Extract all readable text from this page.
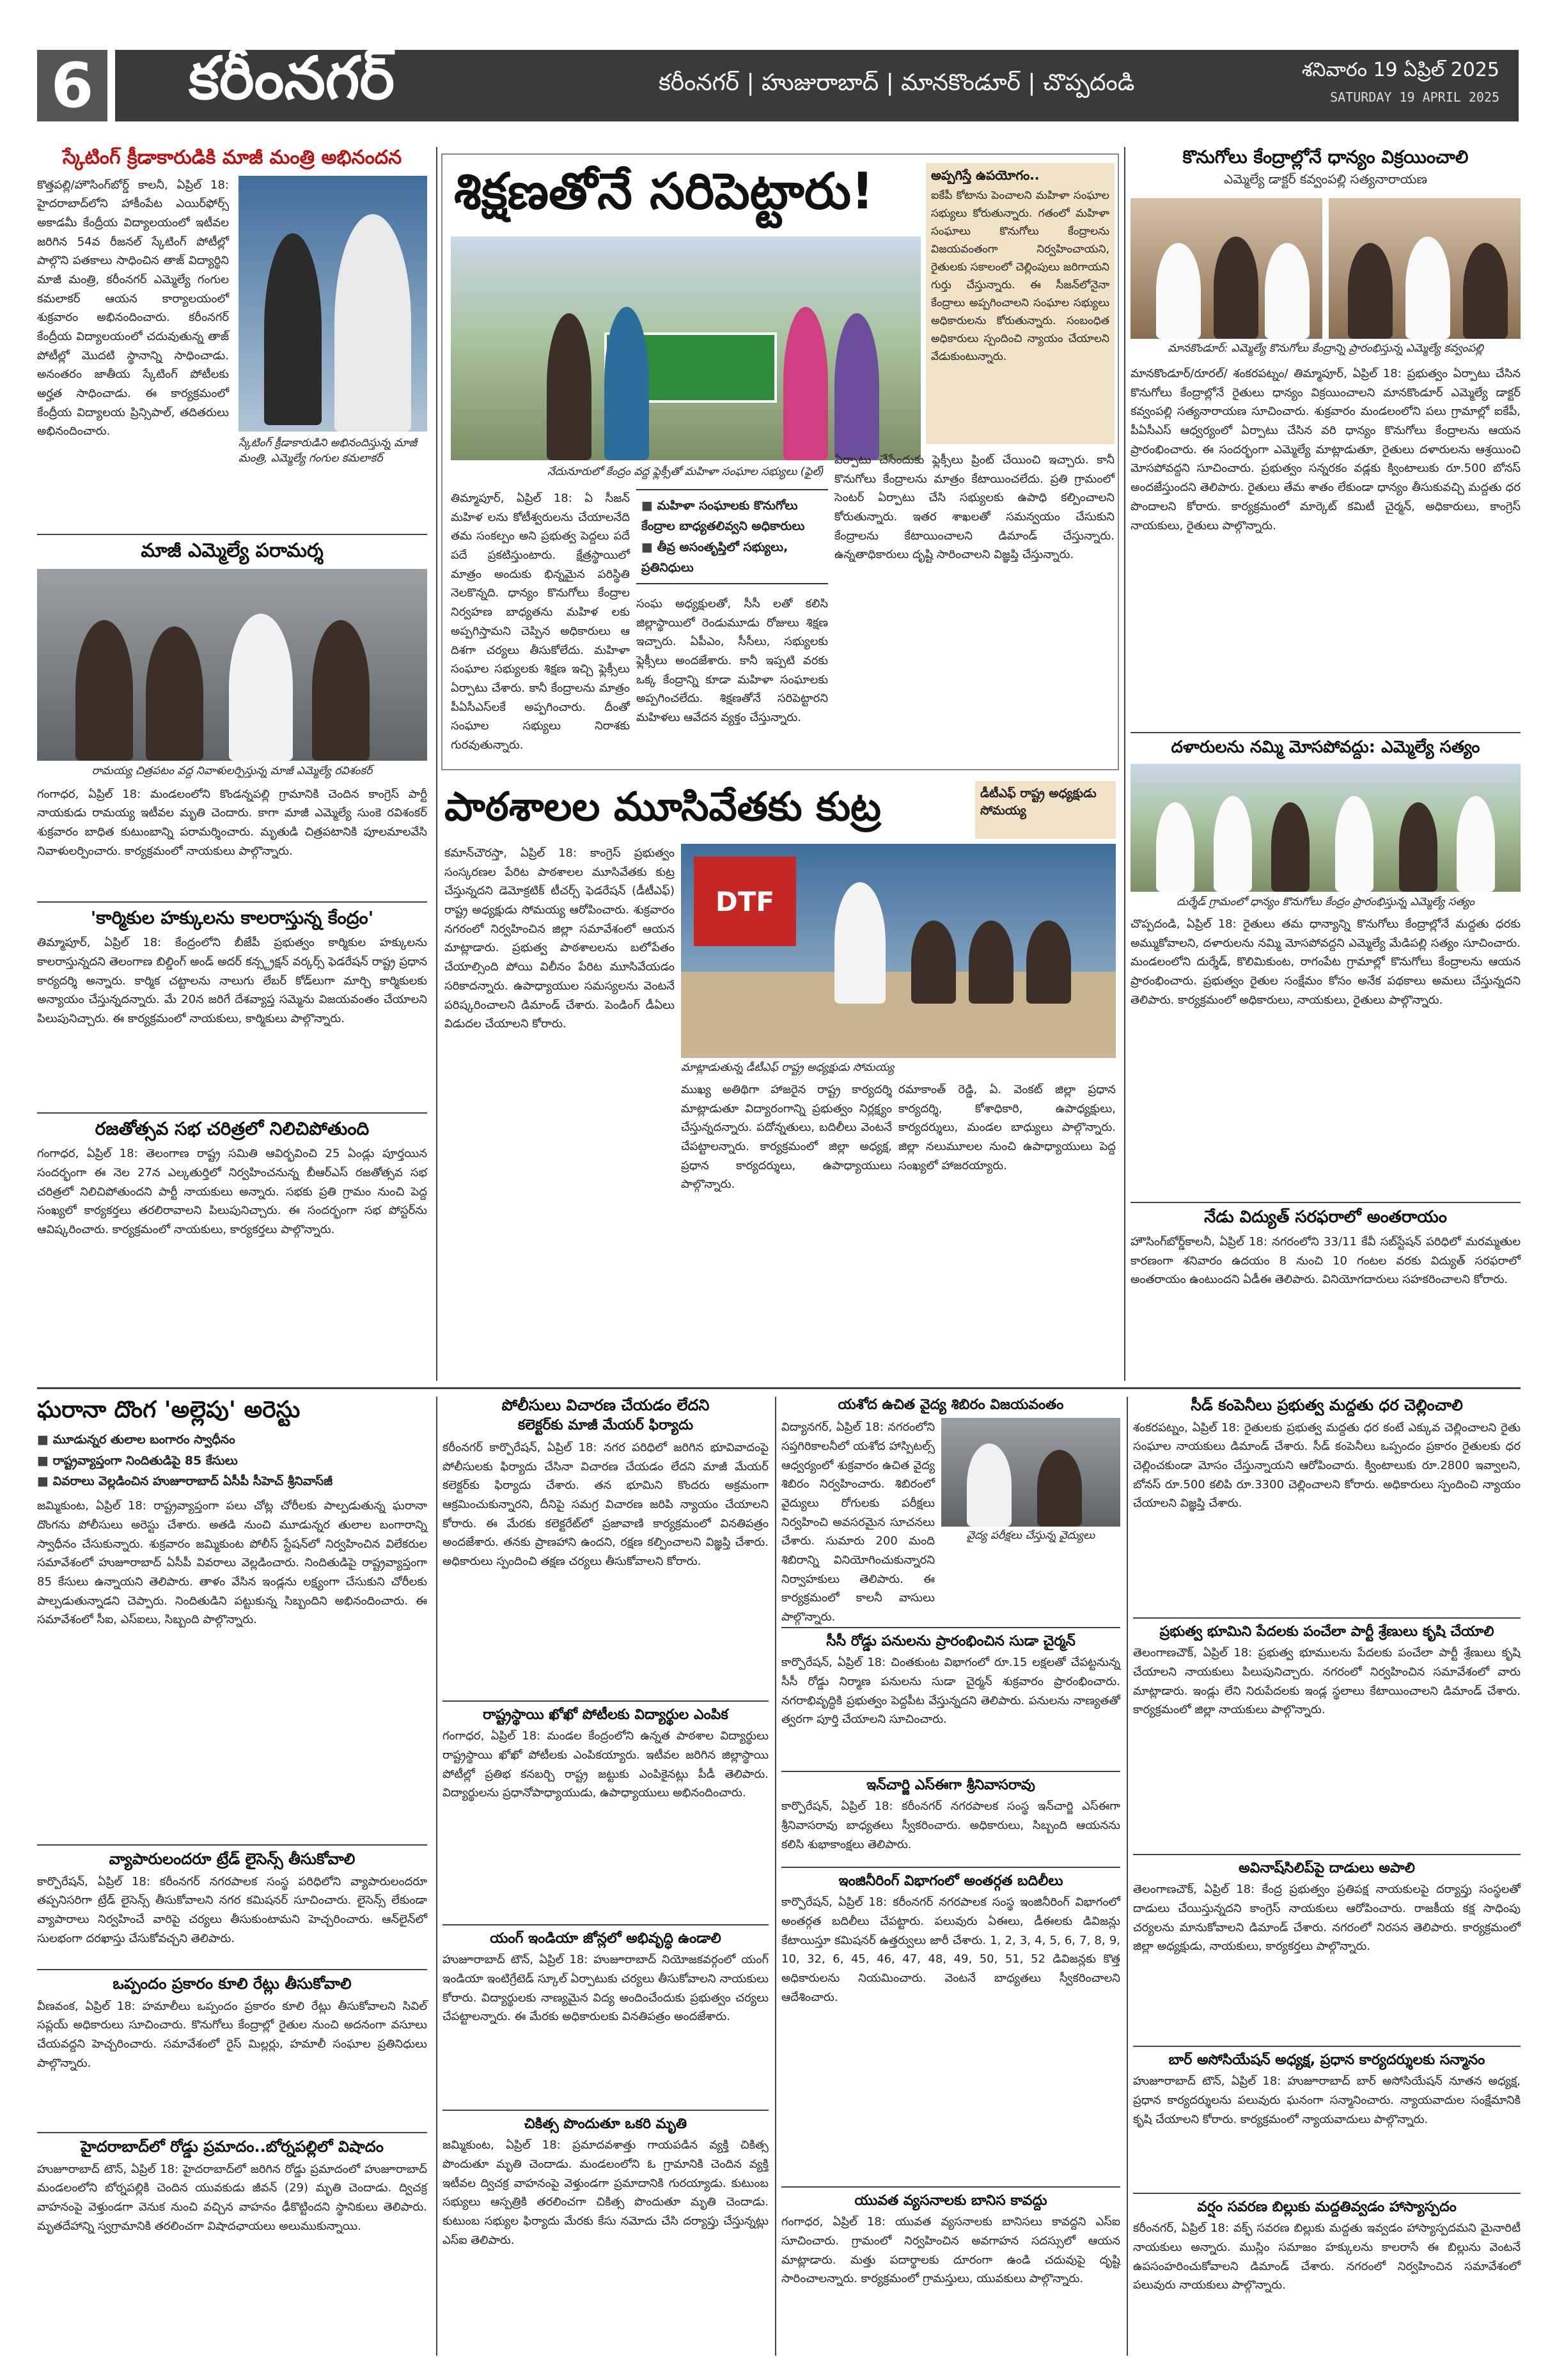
6 కరీంనగర్	కరీంనగర్ | హుజురాబాద్ | మానకొండూర్ | చొప్పదండి	శనివారం 19 ఏప్రిల్ 2025
SATURDAY 19 APRIL 2025
స్కేటింగ్ క్రీడాకారుడికి మాజీ మంత్రి అభినందన
కొత్తపల్లి/హౌసింగ్‌బోర్డ్ కాలనీ, ఏప్రిల్ 18: హైదరాబాద్‌లోని హాకీంపేట ఎయిర్‌ఫోర్స్ అకాడమీ కేంద్రీయ విద్యాలయంలో ఇటీవల జరిగిన 54వ రీజనల్ స్కేటింగ్ పోటీల్లో పాల్గొని పతకాలు సాధించిన తాజ్ విద్యార్థిని మాజీ మంత్రి, కరీంనగర్ ఎమ్మెల్యే గంగుల కమలాకర్ ఆయన కార్యాలయంలో శుక్రవారం అభినందించారు. కరీంనగర్ కేంద్రీయ విద్యాలయంలో చదువుతున్న తాజ్ పోటీల్లో మొదటి స్థానాన్ని సాధించాడు. అనంతరం జాతీయ స్కేటింగ్ పోటీలకు అర్హత సాధించాడు. ఈ కార్యక్రమంలో కేంద్రీయ విద్యాలయ ప్రిన్సిపాల్, తదితరులు అభినందించారు.
స్కేటింగ్ క్రీడాకారుడిని అభినందిస్తున్న మాజీ మంత్రి, ఎమ్మెల్యే గంగుల కమలాకర్
మాజీ ఎమ్మెల్యే పరామర్శ
రామయ్య చిత్రపటం వద్ద నివాళులర్పిస్తున్న మాజీ ఎమ్మెల్యే రవిశంకర్
గంగాధర, ఏప్రిల్ 18: మండలంలోని కొండన్నపల్లి గ్రామానికి చెందిన కాంగ్రెస్ పార్టీ నాయకుడు రామయ్య ఇటీవల మృతి చెందారు. కాగా మాజీ ఎమ్మెల్యే సుంకె రవిశంకర్ శుక్రవారం బాధిత కుటుంబాన్ని పరామర్శించారు. మృతుడి చిత్రపటానికి పూలమాలవేసి నివాళులర్పించారు. కార్యక్రమంలో నాయకులు పాల్గొన్నారు.
'కార్మికుల హక్కులను కాలరాస్తున్న కేంద్రం'
తిమ్మాపూర్, ఏప్రిల్ 18: కేంద్రంలోని బీజేపీ ప్రభుత్వం కార్మికుల హక్కులను కాలరాస్తున్నదని తెలంగాణ బిల్డింగ్ అండ్ అదర్ కన్స్ట్రక్షన్ వర్కర్స్ ఫెడరేషన్ రాష్ట్ర ప్రధాన కార్యదర్శి అన్నారు. కార్మిక చట్టాలను నాలుగు లేబర్ కోడ్‌లుగా మార్చి కార్మికులకు అన్యాయం చేస్తున్నదన్నారు. మే 20న జరిగే దేశవ్యాప్త సమ్మెను విజయవంతం చేయాలని పిలుపునిచ్చారు. ఈ కార్యక్రమంలో నాయకులు, కార్మికులు పాల్గొన్నారు.
రజతోత్సవ సభ చరిత్రలో నిలిచిపోతుంది
గంగాధర, ఏప్రిల్ 18: తెలంగాణ రాష్ట్ర సమితి ఆవిర్భవించి 25 ఏండ్లు పూర్తయిన సందర్భంగా ఈ నెల 27న ఎల్కతుర్తిలో నిర్వహించనున్న బీఆర్‌ఎస్ రజతోత్సవ సభ చరిత్రలో నిలిచిపోతుందని పార్టీ నాయకులు అన్నారు. సభకు ప్రతి గ్రామం నుంచి పెద్ద సంఖ్యలో కార్యకర్తలు తరలిరావాలని పిలుపునిచ్చారు. ఈ సందర్భంగా సభ పోస్టర్‌ను ఆవిష్కరించారు. కార్యక్రమంలో నాయకులు, కార్యకర్తలు పాల్గొన్నారు.
శిక్షణతోనే సరిపెట్టారు!
నేదునూరులో కేంద్రం వద్ద ఫ్లెక్సీతో మహిళా సంఘాల సభ్యులు (ఫైల్)
అప్పగిస్తే ఉపయోగం..
ఐకేపీ కోటాను పెంచాలని మహిళా సంఘాల సభ్యులు కోరుతున్నారు. గతంలో మహిళా సంఘాలు కొనుగోలు కేంద్రాలను విజయవంతంగా నిర్వహించాయని, రైతులకు సకాలంలో చెల్లింపులు జరిగాయని గుర్తు చేస్తున్నారు. ఈ సీజన్‌లోనైనా కేంద్రాలు అప్పగించాలని సంఘాల సభ్యులు అధికారులను కోరుతున్నారు. సంబంధిత అధికారులు స్పందించి న్యాయం చేయాలని వేడుకుంటున్నారు.
తిమ్మాపూర్, ఏప్రిల్ 18: ఏ సీజన్ మహిళ లను కోటీశ్వరులను చేయాలనేది తమ సంకల్పం అని ప్రభుత్వ పెద్దలు పదే పదే ప్రకటిస్తుంటారు. క్షేత్రస్థాయిలో మాత్రం అందుకు భిన్నమైన పరిస్థితి నెలకొన్నది. ధాన్యం కొనుగోలు కేంద్రాల నిర్వహణ బాధ్యతను మహిళ లకు అప్పగిస్తామని చెప్పిన అధికారులు ఆ దిశగా చర్యలు తీసుకోలేదు. మహిళా సంఘాల సభ్యులకు శిక్షణ ఇచ్చి ఫ్లెక్సీలు ఏర్పాటు చేశారు. కానీ కేంద్రాలను మాత్రం పీఏసీఎస్‌లకే అప్పగించారు. దీంతో సంఘాల సభ్యులు నిరాశకు గురవుతున్నారు.
■ మహిళా సంఘాలకు కొనుగోలు కేంద్రాల బాధ్యతలివ్వని అధికారులు
■ తీవ్ర అసంతృప్తిలో సభ్యులు, ప్రతినిధులు
సంఘ అధ్యక్షులతో, సీసీ లతో కలిసి జిల్లాస్థాయిలో రెండుమూడు రోజులు శిక్షణ ఇచ్చారు. ఏపీఎం, సీసీలు, సభ్యులకు ఫ్లెక్సీలు అందజేశారు. కానీ ఇప్పటి వరకు ఒక్క కేంద్రాన్ని కూడా మహిళా సంఘాలకు అప్పగించలేదు. శిక్షణతోనే సరిపెట్టారని మహిళలు ఆవేదన వ్యక్తం చేస్తున్నారు.
ఏర్పాటు చేసేందుకు ఫ్లెక్సీలు ప్రింట్ చేయించి ఇచ్చారు. కానీ కొనుగోలు కేంద్రాలను మాత్రం కేటాయించలేదు. ప్రతి గ్రామంలో సెంటర్ ఏర్పాటు చేసి సభ్యులకు ఉపాధి కల్పించాలని కోరుతున్నారు. ఇతర శాఖలతో సమన్వయం చేసుకుని కేంద్రాలను కేటాయించాలని డిమాండ్ చేస్తున్నారు. ఉన్నతాధికారులు దృష్టి సారించాలని విజ్ఞప్తి చేస్తున్నారు.
పాఠశాలల మూసివేతకు కుట్ర	డీటీఎఫ్ రాష్ట్ర అధ్యక్షుడు సోమయ్య
కమాన్‌చౌరస్తా, ఏప్రిల్ 18: కాంగ్రెస్ ప్రభుత్వం సంస్కరణల పేరిట పాఠశాలల మూసివేతకు కుట్ర చేస్తున్నదని డెమోక్రటిక్ టీచర్స్ ఫెడరేషన్ (డీటీఎఫ్) రాష్ట్ర అధ్యక్షుడు సోమయ్య ఆరోపించారు. శుక్రవారం నగరంలో నిర్వహించిన జిల్లా సమావేశంలో ఆయన మాట్లాడారు. ప్రభుత్వ పాఠశాలలను బలోపేతం చేయాల్సింది పోయి విలీనం పేరిట మూసివేయడం సరికాదన్నారు. ఉపాధ్యాయుల సమస్యలను వెంటనే పరిష్కరించాలని డిమాండ్ చేశారు. పెండింగ్ డీఏలు విడుదల చేయాలని కోరారు.
DTF
మాట్లాడుతున్న డీటీఎఫ్ రాష్ట్ర అధ్యక్షుడు సోమయ్య
ముఖ్య అతిథిగా హాజరైన రాష్ట్ర కార్యదర్శి మాట్లాడుతూ విద్యారంగాన్ని ప్రభుత్వం నిర్లక్ష్యం చేస్తున్నదన్నారు. పదోన్నతులు, బదిలీలు వెంటనే చేపట్టాలన్నారు. కార్యక్రమంలో జిల్లా అధ్యక్ష, ప్రధాన కార్యదర్శులు, ఉపాధ్యాయులు పాల్గొన్నారు.
రమాకాంత్ రెడ్డి, ఏ. వెంకట్ జిల్లా ప్రధాన కార్యదర్శి, కోశాధికారి, ఉపాధ్యక్షులు, కార్యదర్శులు, మండల బాధ్యులు పాల్గొన్నారు. జిల్లా నలుమూలల నుంచి ఉపాధ్యాయులు పెద్ద సంఖ్యలో హాజరయ్యారు.
కొనుగోలు కేంద్రాల్లోనే ధాన్యం విక్రయించాలి
ఎమ్మెల్యే డాక్టర్ కవ్వంపల్లి సత్యనారాయణ
మానకొండూర్: ఎమ్మెల్యే కొనుగోలు కేంద్రాన్ని ప్రారంభిస్తున్న ఎమ్మెల్యే కవ్వంపల్లి
మానకొండూర్/రూరల్/ శంకరపట్నం/ తిమ్మాపూర్, ఏప్రిల్ 18: ప్రభుత్వం ఏర్పాటు చేసిన కొనుగోలు కేంద్రాల్లోనే రైతులు ధాన్యం విక్రయించాలని మానకొండూర్ ఎమ్మెల్యే డాక్టర్ కవ్వంపల్లి సత్యనారాయణ సూచించారు. శుక్రవారం మండలంలోని పలు గ్రామాల్లో ఐకేపీ, పీఏసీఎస్ ఆధ్వర్యంలో ఏర్పాటు చేసిన వరి ధాన్యం కొనుగోలు కేంద్రాలను ఆయన ప్రారంభించారు. ఈ సందర్భంగా ఎమ్మెల్యే మాట్లాడుతూ, రైతులు దళారులను ఆశ్రయించి మోసపోవద్దని సూచించారు. ప్రభుత్వం సన్నరకం వడ్లకు క్వింటాలుకు రూ.500 బోనస్ అందజేస్తుందని తెలిపారు. రైతులు తేమ శాతం లేకుండా ధాన్యం తీసుకువచ్చి మద్దతు ధర పొందాలని కోరారు. కార్యక్రమంలో మార్కెట్ కమిటీ చైర్మన్, అధికారులు, కాంగ్రెస్ నాయకులు, రైతులు పాల్గొన్నారు.
దళారులను నమ్మి మోసపోవద్దు: ఎమ్మెల్యే సత్యం
దుర్శేడ్ గ్రామంలో ధాన్యం కొనుగోలు కేంద్రం ప్రారంభిస్తున్న ఎమ్మెల్యే సత్యం
చొప్పదండి, ఏప్రిల్ 18: రైతులు తమ ధాన్యాన్ని కొనుగోలు కేంద్రాల్లోనే మద్దతు ధరకు అమ్ముకోవాలని, దళారులను నమ్మి మోసపోవద్దని ఎమ్మెల్యే మేడిపల్లి సత్యం సూచించారు. మండలంలోని దుర్శేడ్, కొలిమికుంట, రాగంపేట గ్రామాల్లో కొనుగోలు కేంద్రాలను ఆయన ప్రారంభించారు. ప్రభుత్వం రైతుల సంక్షేమం కోసం అనేక పథకాలు అమలు చేస్తున్నదని తెలిపారు. కార్యక్రమంలో అధికారులు, నాయకులు, రైతులు పాల్గొన్నారు.
నేడు విద్యుత్ సరఫరాలో అంతరాయం
హౌసింగ్‌బోర్డ్‌కాలనీ, ఏప్రిల్ 18: నగరంలోని 33/11 కేవీ సబ్‌స్టేషన్ పరిధిలో మరమ్మతుల కారణంగా శనివారం ఉదయం 8 నుంచి 10 గంటల వరకు విద్యుత్ సరఫరాలో అంతరాయం ఉంటుందని ఏడీఈ తెలిపారు. వినియోగదారులు సహకరించాలని కోరారు.
ఘరానా దొంగ 'అల్లెపు' అరెస్టు
■ మూడున్నర తులాల బంగారం స్వాధీనం
■ రాష్ట్రవ్యాప్తంగా నిందితుడిపై 85 కేసులు
■ వివరాలు వెల్లడించిన హుజూరాబాద్ ఏసీపీ సీహెచ్ శ్రీనివాస్‌జీ
జమ్మికుంట, ఏప్రిల్ 18: రాష్ట్రవ్యాప్తంగా పలు చోట్ల చోరీలకు పాల్పడుతున్న ఘరానా దొంగను పోలీసులు అరెస్టు చేశారు. అతడి నుంచి మూడున్నర తులాల బంగారాన్ని స్వాధీనం చేసుకున్నారు. శుక్రవారం జమ్మికుంట పోలీస్ స్టేషన్‌లో నిర్వహించిన విలేకరుల సమావేశంలో హుజూరాబాద్ ఏసీపీ వివరాలు వెల్లడించారు. నిందితుడిపై రాష్ట్రవ్యాప్తంగా 85 కేసులు ఉన్నాయని తెలిపారు. తాళం వేసిన ఇండ్లను లక్ష్యంగా చేసుకుని చోరీలకు పాల్పడుతున్నాడని చెప్పారు. నిందితుడిని పట్టుకున్న సిబ్బందిని అభినందించారు. ఈ సమావేశంలో సీఐ, ఎస్‌ఐలు, సిబ్బంది పాల్గొన్నారు.
వ్యాపారులందరూ ట్రేడ్ లైసెన్స్ తీసుకోవాలి
కార్పొరేషన్, ఏప్రిల్ 18: కరీంనగర్ నగరపాలక సంస్థ పరిధిలోని వ్యాపారులందరూ తప్పనిసరిగా ట్రేడ్ లైసెన్స్ తీసుకోవాలని నగర కమిషనర్ సూచించారు. లైసెన్స్ లేకుండా వ్యాపారాలు నిర్వహించే వారిపై చర్యలు తీసుకుంటామని హెచ్చరించారు. ఆన్‌లైన్‌లో సులభంగా దరఖాస్తు చేసుకోవచ్చని తెలిపారు.
ఒప్పందం ప్రకారం కూలి రేట్లు తీసుకోవాలి
వీణవంక, ఏప్రిల్ 18: హమాలీలు ఒప్పందం ప్రకారం కూలి రేట్లు తీసుకోవాలని సివిల్ సప్లయ్ అధికారులు సూచించారు. కొనుగోలు కేంద్రాల్లో రైతుల నుంచి అదనంగా వసూలు చేయవద్దని హెచ్చరించారు. సమావేశంలో రైస్ మిల్లర్లు, హమాలీ సంఘాల ప్రతినిధులు పాల్గొన్నారు.
హైదరాబాద్‌లో రోడ్డు ప్రమాదం..బోర్నపల్లిలో విషాదం
హుజూరాబాద్ టౌన్, ఏప్రిల్ 18: హైదరాబాద్‌లో జరిగిన రోడ్డు ప్రమాదంలో హుజూరాబాద్ మండలంలోని బోర్నపల్లికి చెందిన యువకుడు జీవన్ (29) మృతి చెందాడు. ద్విచక్ర వాహనంపై వెళ్తుండగా వెనుక నుంచి వచ్చిన వాహనం ఢీకొట్టిందని స్థానికులు తెలిపారు. మృతదేహాన్ని స్వగ్రామానికి తరలించగా విషాదఛాయలు అలుముకున్నాయి.
పోలీసులు విచారణ చేయడం లేదని
కలెక్టర్‌కు మాజీ మేయర్ ఫిర్యాదు
కరీంనగర్ కార్పొరేషన్, ఏప్రిల్ 18: నగర పరిధిలో జరిగిన భూవివాదంపై పోలీసులకు ఫిర్యాదు చేసినా విచారణ చేయడం లేదని మాజీ మేయర్ కలెక్టర్‌కు ఫిర్యాదు చేశారు. తన భూమిని కొందరు అక్రమంగా ఆక్రమించుకున్నారని, దీనిపై సమగ్ర విచారణ జరిపి న్యాయం చేయాలని కోరారు. ఈ మేరకు కలెక్టరేట్‌లో ప్రజావాణి కార్యక్రమంలో వినతిపత్రం అందజేశారు. తనకు ప్రాణహాని ఉందని, రక్షణ కల్పించాలని విజ్ఞప్తి చేశారు. అధికారులు స్పందించి తక్షణ చర్యలు తీసుకోవాలని కోరారు.
రాష్ట్రస్థాయి ఖోఖో పోటీలకు విద్యార్థుల ఎంపిక
గంగాధర, ఏప్రిల్ 18: మండల కేంద్రంలోని ఉన్నత పాఠశాల విద్యార్థులు రాష్ట్రస్థాయి ఖోఖో పోటీలకు ఎంపికయ్యారు. ఇటీవల జరిగిన జిల్లాస్థాయి పోటీల్లో ప్రతిభ కనబర్చి రాష్ట్ర జట్టుకు ఎంపికైనట్లు పీడీ తెలిపారు. విద్యార్థులను ప్రధానోపాధ్యాయుడు, ఉపాధ్యాయులు అభినందించారు.
యంగ్ ఇండియా జోన్లలో అభివృద్ధి ఉండాలి
హుజూరాబాద్ టౌన్, ఏప్రిల్ 18: హుజూరాబాద్ నియోజకవర్గంలో యంగ్ ఇండియా ఇంటిగ్రేటెడ్ స్కూల్ ఏర్పాటుకు చర్యలు తీసుకోవాలని నాయకులు కోరారు. విద్యార్థులకు నాణ్యమైన విద్య అందించేందుకు ప్రభుత్వం చర్యలు చేపట్టాలన్నారు. ఈ మేరకు అధికారులకు వినతిపత్రం అందజేశారు.
చికిత్స పొందుతూ ఒకరి మృతి
జమ్మికుంట, ఏప్రిల్ 18: ప్రమాదవశాత్తు గాయపడిన వ్యక్తి చికిత్స పొందుతూ మృతి చెందాడు. మండలంలోని ఓ గ్రామానికి చెందిన వ్యక్తి ఇటీవల ద్విచక్ర వాహనంపై వెళ్తుండగా ప్రమాదానికి గురయ్యాడు. కుటుంబ సభ్యులు ఆస్పత్రికి తరలించగా చికిత్స పొందుతూ మృతి చెందాడు. కుటుంబ సభ్యుల ఫిర్యాదు మేరకు కేసు నమోదు చేసి దర్యాప్తు చేస్తున్నట్లు ఎస్‌ఐ తెలిపారు.
యశోద ఉచిత వైద్య శిబిరం విజయవంతం
విద్యానగర్, ఏప్రిల్ 18: నగరంలోని సప్తగిరికాలనీలో యశోద హాస్పిటల్స్ ఆధ్వర్యంలో శుక్రవారం ఉచిత వైద్య శిబిరం నిర్వహించారు. శిబిరంలో వైద్యులు రోగులకు పరీక్షలు నిర్వహించి అవసరమైన సూచనలు చేశారు. సుమారు 200 మంది శిబిరాన్ని వినియోగించుకున్నారని నిర్వాహకులు తెలిపారు. ఈ కార్యక్రమంలో కాలనీ వాసులు పాల్గొన్నారు.
వైద్య పరీక్షలు చేస్తున్న వైద్యులు
సీసీ రోడ్డు పనులను ప్రారంభించిన సుడా చైర్మన్
కార్పొరేషన్, ఏప్రిల్ 18: చింతకుంట విభాగంలో రూ.15 లక్షలతో చేపట్టనున్న సీసీ రోడ్డు నిర్మాణ పనులను సుడా చైర్మన్ శుక్రవారం ప్రారంభించారు. నగరాభివృద్ధికి ప్రభుత్వం పెద్దపీట వేస్తున్నదని తెలిపారు. పనులను నాణ్యతతో త్వరగా పూర్తి చేయాలని సూచించారు.
ఇన్‌చార్జి ఎస్‌ఈగా శ్రీనివాసరావు
కార్పొరేషన్, ఏప్రిల్ 18: కరీంనగర్ నగరపాలక సంస్థ ఇన్‌చార్జి ఎస్‌ఈగా శ్రీనివాసరావు బాధ్యతలు స్వీకరించారు. అధికారులు, సిబ్బంది ఆయనను కలిసి శుభాకాంక్షలు తెలిపారు.
ఇంజినీరింగ్ విభాగంలో అంతర్గత బదిలీలు
కార్పొరేషన్, ఏప్రిల్ 18: కరీంనగర్ నగరపాలక సంస్థ ఇంజినీరింగ్ విభాగంలో అంతర్గత బదిలీలు చేపట్టారు. పలువురు ఏఈలు, డీఈలకు డివిజన్లు కేటాయిస్తూ కమిషనర్ ఉత్తర్వులు జారీ చేశారు. 1, 2, 3, 4, 5, 6, 7, 8, 9, 10, 32, 6, 45, 46, 47, 48, 49, 50, 51, 52 డివిజన్లకు కొత్త అధికారులను నియమించారు. వెంటనే బాధ్యతలు స్వీకరించాలని ఆదేశించారు.
యువత వ్యసనాలకు బానిస కావద్దు
గంగాధర, ఏప్రిల్ 18: యువత వ్యసనాలకు బానిసలు కావద్దని ఎస్‌ఐ సూచించారు. గ్రామంలో నిర్వహించిన అవగాహన సదస్సులో ఆయన మాట్లాడారు. మత్తు పదార్థాలకు దూరంగా ఉండి చదువుపై దృష్టి సారించాలన్నారు. కార్యక్రమంలో గ్రామస్తులు, యువకులు పాల్గొన్నారు.
సీడ్ కంపెనీలు ప్రభుత్వ మద్దతు ధర చెల్లించాలి
శంకరపట్నం, ఏప్రిల్ 18: రైతులకు ప్రభుత్వ మద్దతు ధర కంటే ఎక్కువ చెల్లించాలని రైతు సంఘాల నాయకులు డిమాండ్ చేశారు. సీడ్ కంపెనీలు ఒప్పందం ప్రకారం రైతులకు ధర చెల్లించకుండా మోసం చేస్తున్నాయని ఆరోపించారు. క్వింటాలుకు రూ.2800 ఇవ్వాలని, బోనస్ రూ.500 కలిపి రూ.3300 చెల్లించాలని కోరారు. అధికారులు స్పందించి న్యాయం చేయాలని విజ్ఞప్తి చేశారు.
ప్రభుత్వ భూమిని పేదలకు పంచేలా పార్టీ శ్రేణులు కృషి చేయాలి
తెలంగాణచౌక్, ఏప్రిల్ 18: ప్రభుత్వ భూములను పేదలకు పంచేలా పార్టీ శ్రేణులు కృషి చేయాలని నాయకులు పిలుపునిచ్చారు. నగరంలో నిర్వహించిన సమావేశంలో వారు మాట్లాడారు. ఇండ్లు లేని నిరుపేదలకు ఇండ్ల స్థలాలు కేటాయించాలని డిమాండ్ చేశారు. కార్యక్రమంలో జిల్లా నాయకులు పాల్గొన్నారు.
అవినాష్‌సిలిప్‌పై దాడులు అపాలి
తెలంగాణచౌక్, ఏప్రిల్ 18: కేంద్ర ప్రభుత్వం ప్రతిపక్ష నాయకులపై దర్యాప్తు సంస్థలతో దాడులు చేయిస్తున్నదని కాంగ్రెస్ నాయకులు ఆరోపించారు. రాజకీయ కక్ష సాధింపు చర్యలను మానుకోవాలని డిమాండ్ చేశారు. నగరంలో నిరసన తెలిపారు. కార్యక్రమంలో జిల్లా అధ్యక్షుడు, నాయకులు, కార్యకర్తలు పాల్గొన్నారు.
బార్ అసోసియేషన్ అధ్యక్ష, ప్రధాన కార్యదర్శులకు సన్మానం
హుజూరాబాద్ టౌన్, ఏప్రిల్ 18: హుజూరాబాద్ బార్ అసోసియేషన్ నూతన అధ్యక్ష, ప్రధాన కార్యదర్శులను పలువురు ఘనంగా సన్మానించారు. న్యాయవాదుల సంక్షేమానికి కృషి చేయాలని కోరారు. కార్యక్రమంలో న్యాయవాదులు పాల్గొన్నారు.
వర్షం సవరణ బిల్లుకు మద్దతివ్వడం హాస్యాస్పదం
కరీంనగర్, ఏప్రిల్ 18: వక్ఫ్ సవరణ బిల్లుకు మద్దతు ఇవ్వడం హాస్యాస్పదమని మైనారిటీ నాయకులు అన్నారు. ముస్లిం సమాజం హక్కులను కాలరాసే ఈ బిల్లును వెంటనే ఉపసంహరించుకోవాలని డిమాండ్ చేశారు. నగరంలో నిర్వహించిన సమావేశంలో పలువురు నాయకులు పాల్గొన్నారు.
